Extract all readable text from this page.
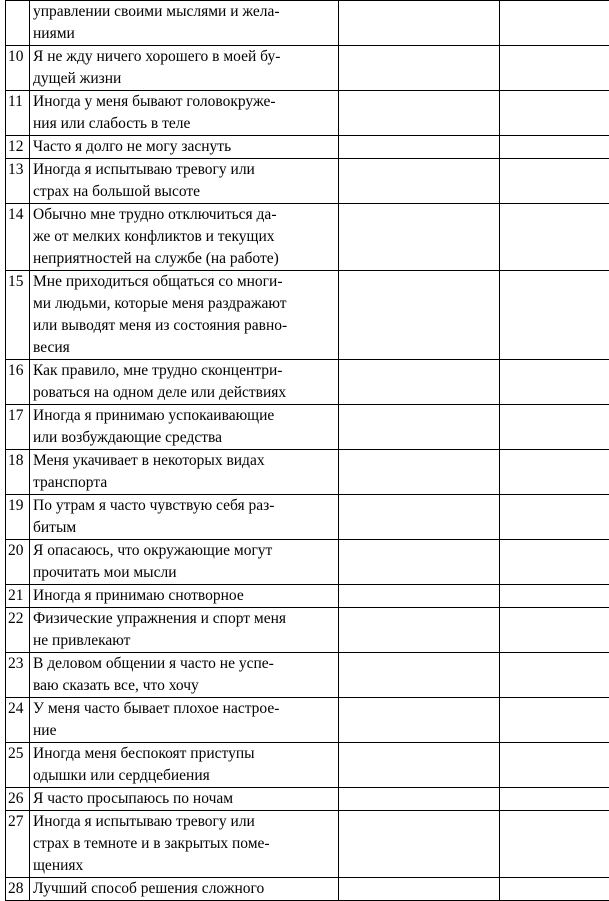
	управлении своими мыслями и жела-
ниями		

10	Я не жду ничего хорошего в моей бу-
дущей жизни		

11	Иногда у меня бывают головокруже-
ния или слабость в теле		

12	Часто я долго не могу заснуть		

13	Иногда я испытываю тревогу или
страх на большой высоте		

14	Обычно мне трудно отключиться да-
же от мелких конфликтов и текущих
неприятностей на службе (на работе)		

15	Мне приходиться общаться со многи-
ми людьми, которые меня раздражают
или выводят меня из состояния равно-
весия		

16	Как правило, мне трудно сконцентри-
роваться на одном деле или действиях		

17	Иногда я принимаю успокаивающие
или возбуждающие средства		

18	Меня укачивает в некоторых видах
транспорта		

19	По утрам я часто чувствую себя раз-
битым		

20	Я опасаюсь, что окружающие могут
прочитать мои мысли		

21	Иногда я принимаю снотворное		

22	Физические упражнения и спорт меня
не привлекают		

23	В деловом общении я часто не успе-
ваю сказать все, что хочу		

24	У меня часто бывает плохое настрое-
ние		

25	Иногда меня беспокоят приступы
одышки или сердцебиения		

26	Я часто просыпаюсь по ночам		

27	Иногда я испытываю тревогу или
страх в темноте и в закрытых поме-
щениях		

28	Лучший способ решения сложного		
